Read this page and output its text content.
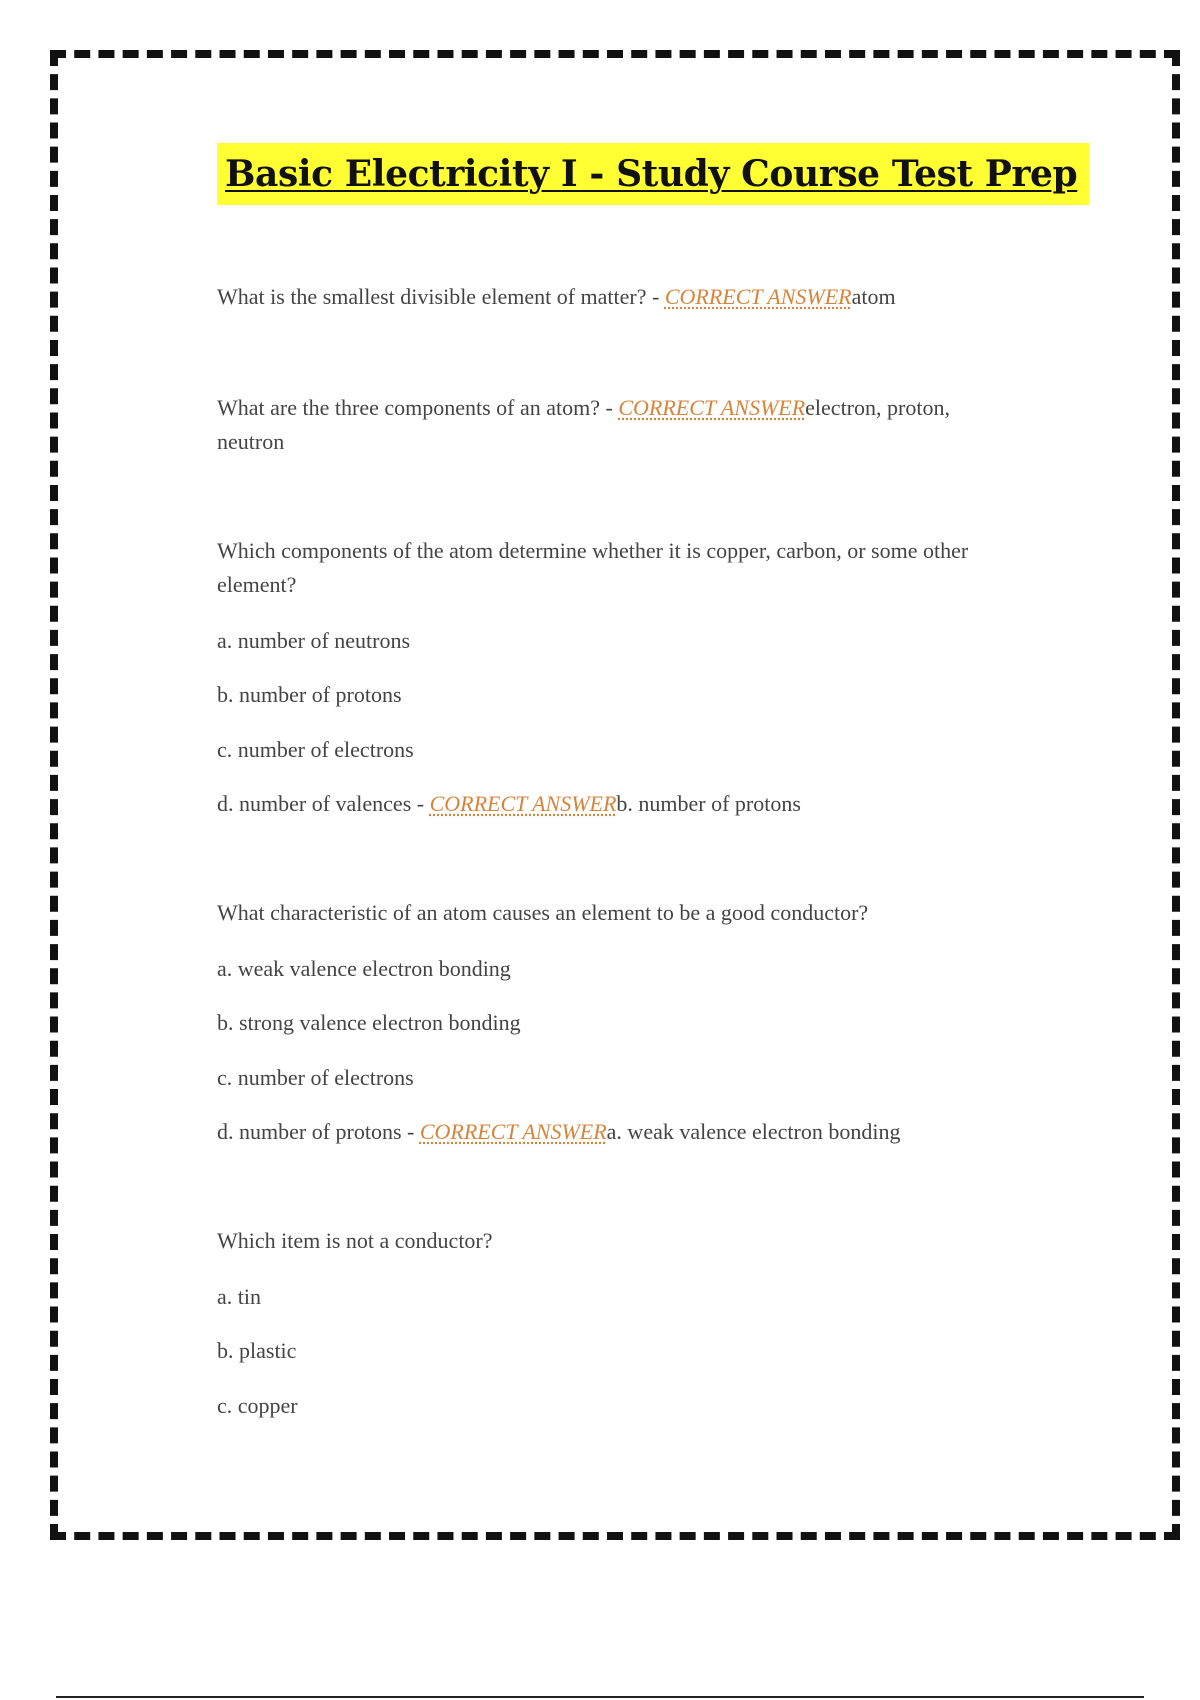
Basic Electricity I - Study Course Test Prep
What is the smallest divisible element of matter? - CORRECT ANSWERatom
What are the three components of an atom? - CORRECT ANSWERelectron, proton,
neutron
Which components of the atom determine whether it is copper, carbon, or some other
element?
a. number of neutrons
b. number of protons
c. number of electrons
d. number of valences - CORRECT ANSWERb. number of protons
What characteristic of an atom causes an element to be a good conductor?
a. weak valence electron bonding
b. strong valence electron bonding
c. number of electrons
d. number of protons - CORRECT ANSWERa. weak valence electron bonding
Which item is not a conductor?
a. tin
b. plastic
c. copper
